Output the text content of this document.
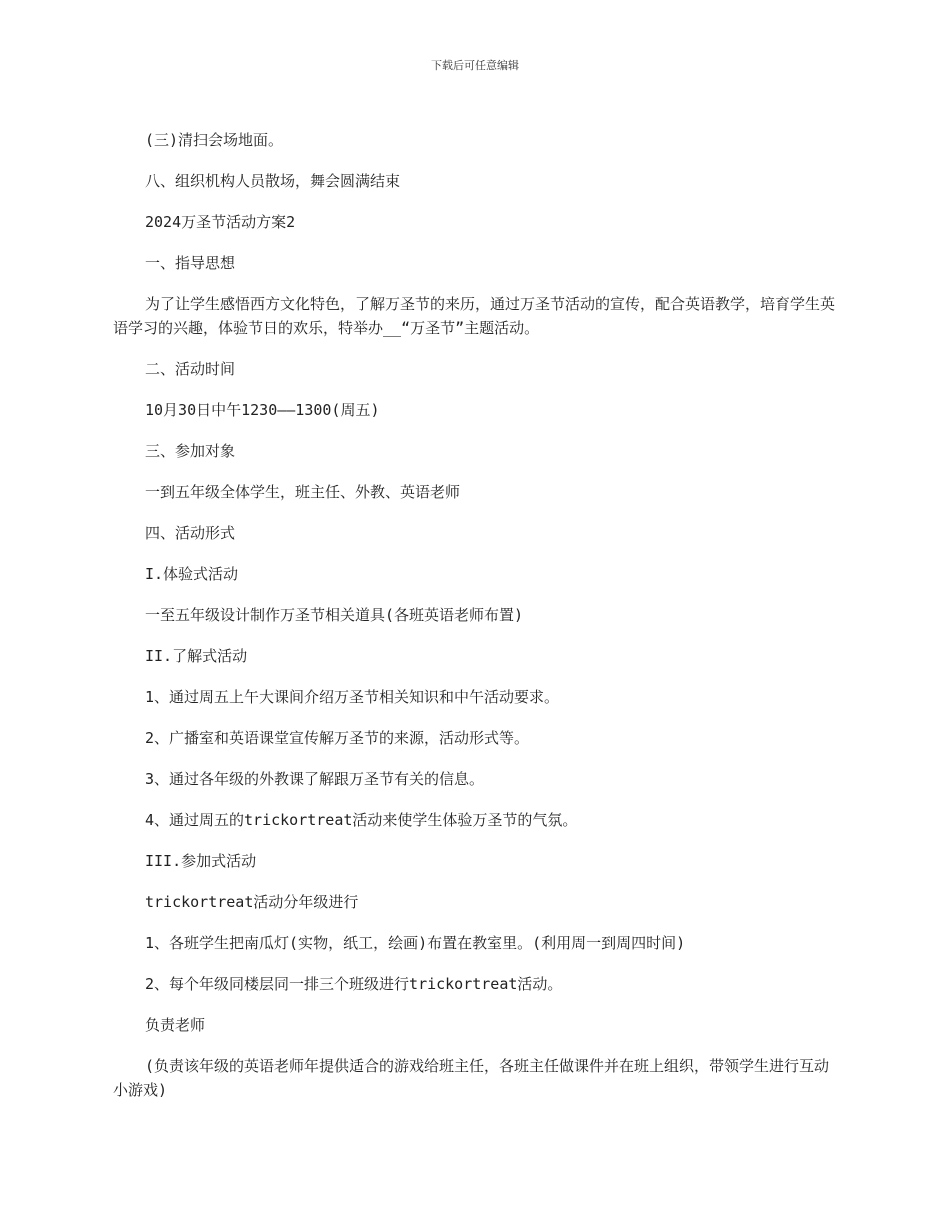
下载后可任意编辑

(三)清扫会场地面。

八、组织机构人员散场，舞会圆满结束

2024万圣节活动方案2

一、指导思想

为了让学生感悟西方文化特色，了解万圣节的来历，通过万圣节活动的宣传，配合英语教学，培育学生英语学习的兴趣，体验节日的欢乐，特举办__“万圣节”主题活动。

二、活动时间

10月30日中午1230——1300(周五)

三、参加对象

一到五年级全体学生，班主任、外教、英语老师

四、活动形式

I.体验式活动

一至五年级设计制作万圣节相关道具(各班英语老师布置)

II.了解式活动

1、通过周五上午大课间介绍万圣节相关知识和中午活动要求。

2、广播室和英语课堂宣传解万圣节的来源，活动形式等。

3、通过各年级的外教课了解跟万圣节有关的信息。

4、通过周五的trickortreat活动来使学生体验万圣节的气氛。

III.参加式活动

trickortreat活动分年级进行

1、各班学生把南瓜灯(实物，纸工，绘画)布置在教室里。(利用周一到周四时间)

2、每个年级同楼层同一排三个班级进行trickortreat活动。

负责老师

(负责该年级的英语老师年提供适合的游戏给班主任，各班主任做课件并在班上组织，带领学生进行互动小游戏)
